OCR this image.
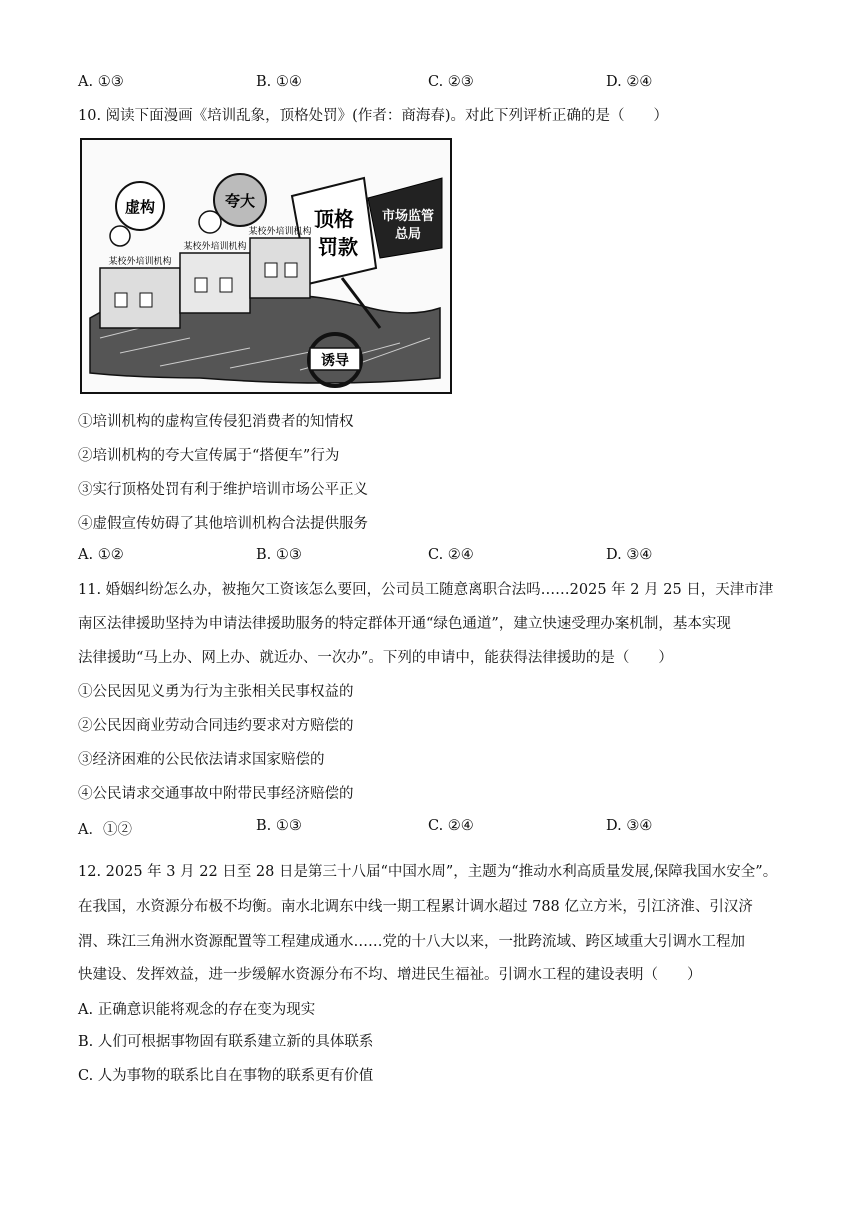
A. ①③	B. ①④	C. ②③	D. ②④
10. 阅读下面漫画《培训乱象，顶格处罚》(作者：商海春)。对此下列评析正确的是（　　）
虚构	夸大
顶格
罚款
市场监管
总局
诱导
某校外培训机构
某校外培训机构
某校外培训机构
①培训机构的虚构宣传侵犯消费者的知情权
②培训机构的夸大宣传属于“搭便车”行为
③实行顶格处罚有利于维护培训市场公平正义
④虚假宣传妨碍了其他培训机构合法提供服务
A. ①②	B. ①③	C. ②④	D. ③④
11. 婚姻纠纷怎么办，被拖欠工资该怎么要回，公司员工随意离职合法吗……2025 年 2 月 25 日，天津市津
南区法律援助坚持为申请法律援助服务的特定群体开通“绿色通道”，建立快速受理办案机制，基本实现
法律援助“马上办、网上办、就近办、一次办”。下列的申请中，能获得法律援助的是（　　）
①公民因见义勇为行为主张相关民事权益的
②公民因商业劳动合同违约要求对方赔偿的
③经济困难的公民依法请求国家赔偿的
④公民请求交通事故中附带民事经济赔偿的
A．①②	B. ①③	C. ②④	D. ③④
12. 2025 年 3 月 22 日至 28 日是第三十八届“中国水周”，主题为“推动水利高质量发展,保障我国水安全”。
在我国，水资源分布极不均衡。南水北调东中线一期工程累计调水超过 788 亿立方米，引江济淮、引汉济
渭、珠江三角洲水资源配置等工程建成通水……党的十八大以来，一批跨流域、跨区域重大引调水工程加
快建设、发挥效益，进一步缓解水资源分布不均、增进民生福祉。引调水工程的建设表明（　　）
A. 正确意识能将观念的存在变为现实
B. 人们可根据事物固有联系建立新的具体联系
C. 人为事物的联系比自在事物的联系更有价值
